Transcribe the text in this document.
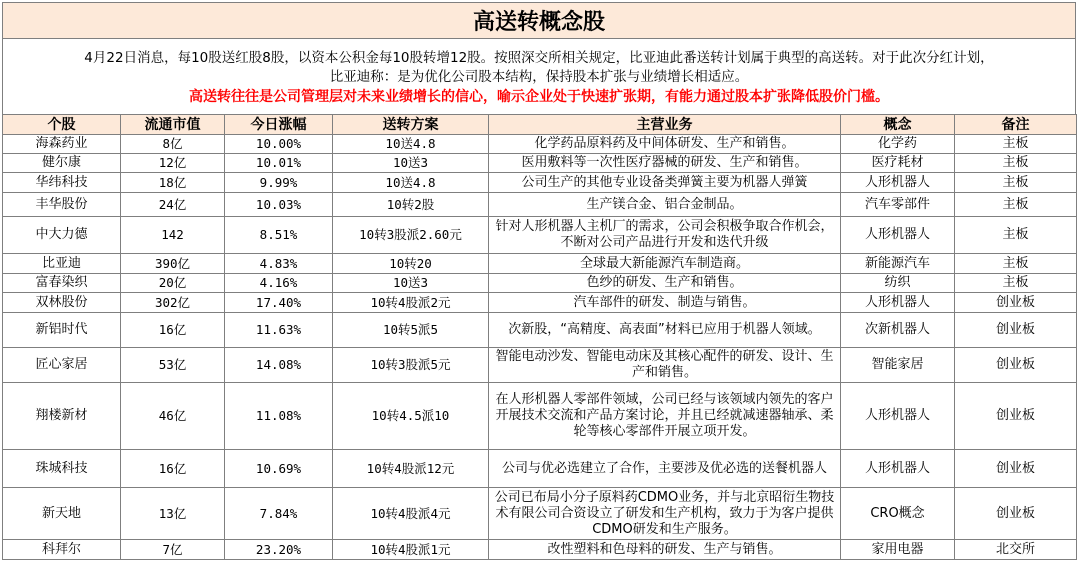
高送转概念股
4月22日消息，每10股送红股8股，以资本公积金每10股转增12股。按照深交所相关规定，比亚迪此番送转计划属于典型的高送转。对于此次分红计划，
比亚迪称：是为优化公司股本结构，保持股本扩张与业绩增长相适应。
高送转往往是公司管理层对未来业绩增长的信心，喻示企业处于快速扩张期，有能力通过股本扩张降低股价门槛。
个股	流通市值	今日涨幅	送转方案	主营业务	概念	备注
海森药业	8亿	10.00%	10送4.8	化学药品原料药及中间体研发、生产和销售。	化学药	主板
健尔康	12亿	10.01%	10送3	医用敷料等一次性医疗器械的研发、生产和销售。	医疗耗材	主板
华纬科技	18亿	9.99%	10送4.8	公司生产的其他专业设备类弹簧主要为机器人弹簧	人形机器人	主板
丰华股份	24亿	10.03%	10转2股	生产镁合金、铝合金制品。	汽车零部件	主板
中大力德	142	8.51%	10转3股派2.60元	针对人形机器人主机厂的需求，公司会积极争取合作机会，不断对公司产品进行开发和迭代升级	人形机器人	主板
比亚迪	390亿	4.83%	10转20	全球最大新能源汽车制造商。	新能源汽车	主板
富春染织	20亿	4.16%	10送3	色纱的研发、生产和销售。	纺织	主板
双林股份	302亿	17.40%	10转4股派2元	汽车部件的研发、制造与销售。	人形机器人	创业板
新铝时代	16亿	11.63%	10转5派5	次新股，“高精度、高表面”材料已应用于机器人领域。	次新机器人	创业板
匠心家居	53亿	14.08%	10转3股派5元	智能电动沙发、智能电动床及其核心配件的研发、设计、生产和销售。	智能家居	创业板
翔楼新材	46亿	11.08%	10转4.5派10	在人形机器人零部件领域，公司已经与该领域内领先的客户开展技术交流和产品方案讨论，并且已经就减速器轴承、柔轮等核心零部件开展立项开发。	人形机器人	创业板
珠城科技	16亿	10.69%	10转4股派12元	公司与优必选建立了合作，主要涉及优必选的送餐机器人	人形机器人	创业板
新天地	13亿	7.84%	10转4股派4元	公司已布局小分子原料药CDMO业务，并与北京昭衍生物技术有限公司合资设立了研发和生产机构，致力于为客户提供CDMO研发和生产服务。	CRO概念	创业板
科拜尔	7亿	23.20%	10转4股派1元	改性塑料和色母料的研发、生产与销售。	家用电器	北交所
